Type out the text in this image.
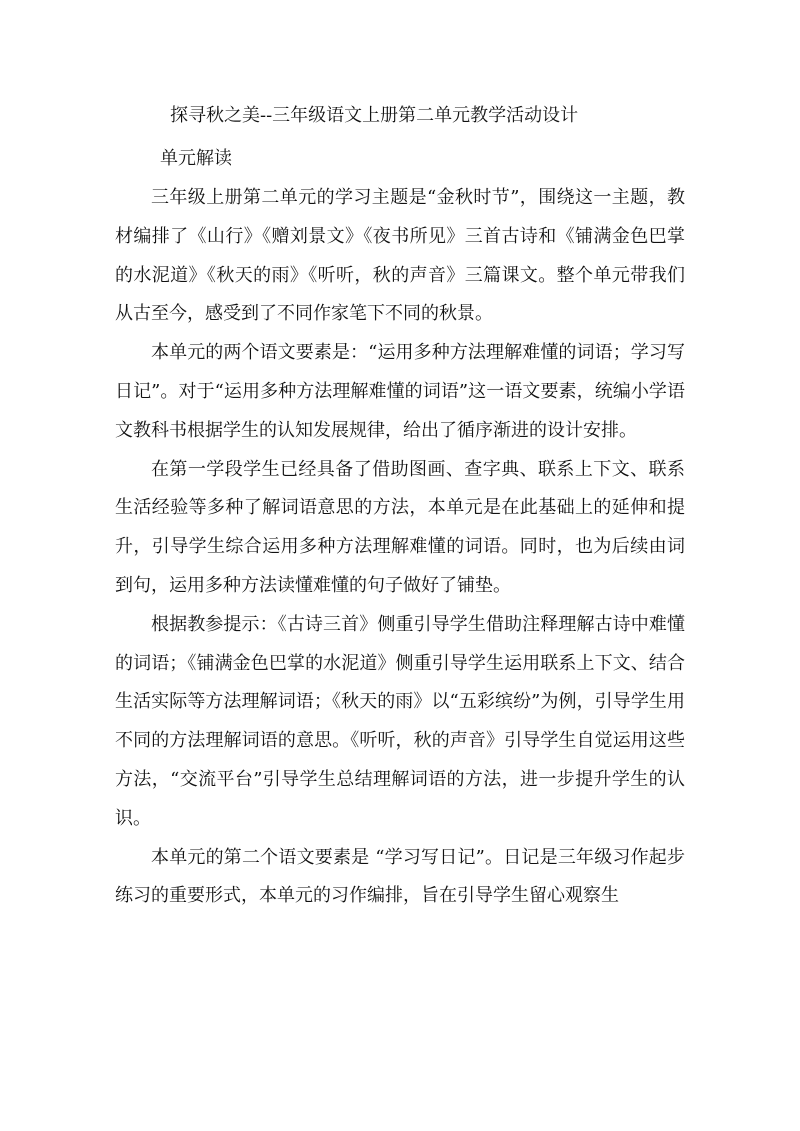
探寻秋之美--三年级语文上册第二单元教学活动设计
单元解读

三年级上册第二单元的学习主题是“金秋时节”，围绕这一主题，教材编排了《山行》《赠刘景文》《夜书所见》三首古诗和《铺满金色巴掌的水泥道》《秋天的雨》《听听，秋的声音》三篇课文。整个单元带我们从古至今，感受到了不同作家笔下不同的秋景。

本单元的两个语文要素是：“运用多种方法理解难懂的词语；学习写日记”。对于“运用多种方法理解难懂的词语”这一语文要素，统编小学语文教科书根据学生的认知发展规律，给出了循序渐进的设计安排。

在第一学段学生已经具备了借助图画、查字典、联系上下文、联系生活经验等多种了解词语意思的方法，本单元是在此基础上的延伸和提升，引导学生综合运用多种方法理解难懂的词语。同时，也为后续由词到句，运用多种方法读懂难懂的句子做好了铺垫。

根据教参提示：《古诗三首》侧重引导学生借助注释理解古诗中难懂的词语；《铺满金色巴掌的水泥道》侧重引导学生运用联系上下文、结合生活实际等方法理解词语；《秋天的雨》以“五彩缤纷”为例，引导学生用不同的方法理解词语的意思。《听听，秋的声音》引导学生自觉运用这些方法，“交流平台”引导学生总结理解词语的方法，进一步提升学生的认识。

本单元的第二个语文要素是 “学习写日记”。日记是三年级习作起步练习的重要形式，本单元的习作编排，旨在引导学生留心观察生
